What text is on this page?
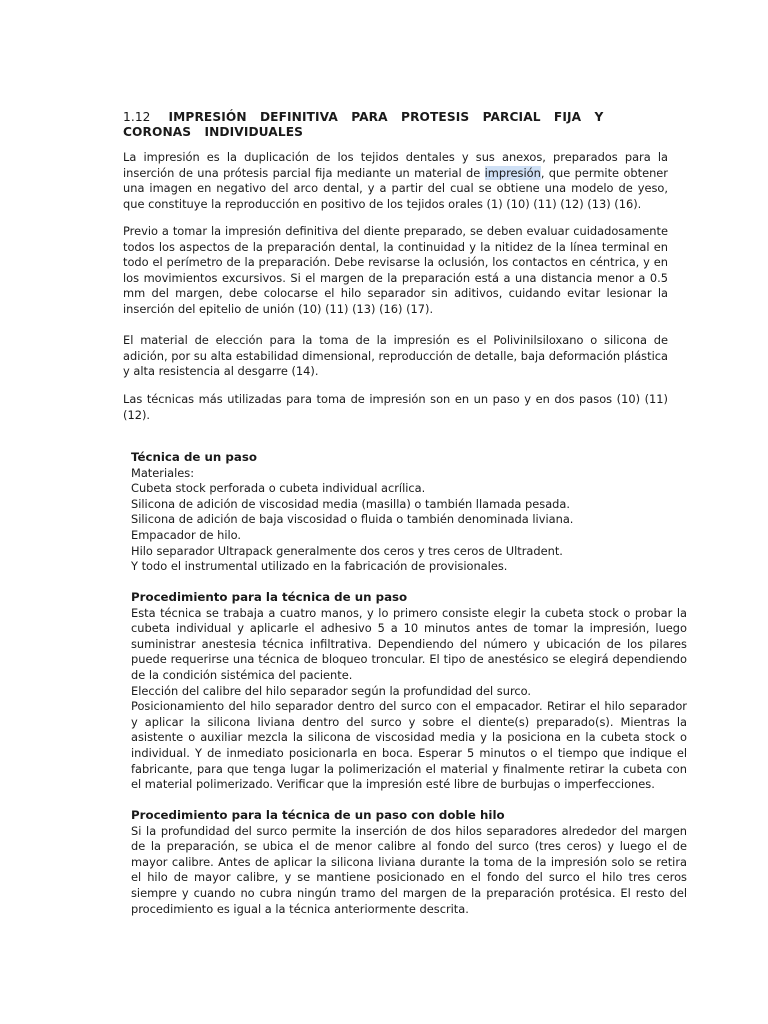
1.12 IMPRESIÓN DEFINITIVA PARA PROTESIS PARCIAL FIJA Y CORONAS INDIVIDUALES

La impresión es la duplicación de los tejidos dentales y sus anexos, preparados para la inserción de una prótesis parcial fija mediante un material de impresión, que permite obtener una imagen en negativo del arco dental, y a partir del cual se obtiene una modelo de yeso, que constituye la reproducción en positivo de los tejidos orales (1) (10) (11) (12) (13) (16).

Previo a tomar la impresión definitiva del diente preparado, se deben evaluar cuidadosamente todos los aspectos de la preparación dental, la continuidad y la nitidez de la línea terminal en todo el perímetro de la preparación. Debe revisarse la oclusión, los contactos en céntrica, y en los movimientos excursivos. Si el margen de la preparación está a una distancia menor a 0.5 mm del margen, debe colocarse el hilo separador sin aditivos, cuidando evitar lesionar la inserción del epitelio de unión (10) (11) (13) (16) (17).

El material de elección para la toma de la impresión es el Polivinilsiloxano o silicona de adición, por su alta estabilidad dimensional, reproducción de detalle, baja deformación plástica y alta resistencia al desgarre (14).

Las técnicas más utilizadas para toma de impresión son en un paso y en dos pasos (10) (11) (12).

Técnica de un paso
Materiales:
Cubeta stock perforada o cubeta individual acrílica.
Silicona de adición de viscosidad media (masilla) o también llamada pesada.
Silicona de adición de baja viscosidad o fluida o también denominada liviana.
Empacador de hilo.
Hilo separador Ultrapack generalmente dos ceros y tres ceros de Ultradent.
Y todo el instrumental utilizado en la fabricación de provisionales.
Procedimiento para la técnica de un paso
Esta técnica se trabaja a cuatro manos, y lo primero consiste elegir la cubeta stock o probar la cubeta individual y aplicarle el adhesivo 5 a 10 minutos antes de tomar la impresión, luego suministrar anestesia técnica infiltrativa. Dependiendo del número y ubicación de los pilares puede requerirse una técnica de bloqueo troncular. El tipo de anestésico se elegirá dependiendo de la condición sistémica del paciente.
Elección del calibre del hilo separador según la profundidad del surco.
Posicionamiento del hilo separador dentro del surco con el empacador. Retirar el hilo separador y aplicar la silicona liviana dentro del surco y sobre el diente(s) preparado(s). Mientras la asistente o auxiliar mezcla la silicona de viscosidad media y la posiciona en la cubeta stock o individual. Y de inmediato posicionarla en boca. Esperar 5 minutos o el tiempo que indique el fabricante, para que tenga lugar la polimerización el material y finalmente retirar la cubeta con el material polimerizado. Verificar que la impresión esté libre de burbujas o imperfecciones.
Procedimiento para la técnica de un paso con doble hilo
Si la profundidad del surco permite la inserción de dos hilos separadores alrededor del margen de la preparación, se ubica el de menor calibre al fondo del surco (tres ceros) y luego el de mayor calibre. Antes de aplicar la silicona liviana durante la toma de la impresión solo se retira el hilo de mayor calibre, y se mantiene posicionado en el fondo del surco el hilo tres ceros siempre y cuando no cubra ningún tramo del margen de la preparación protésica. El resto del procedimiento es igual a la técnica anteriormente descrita.
